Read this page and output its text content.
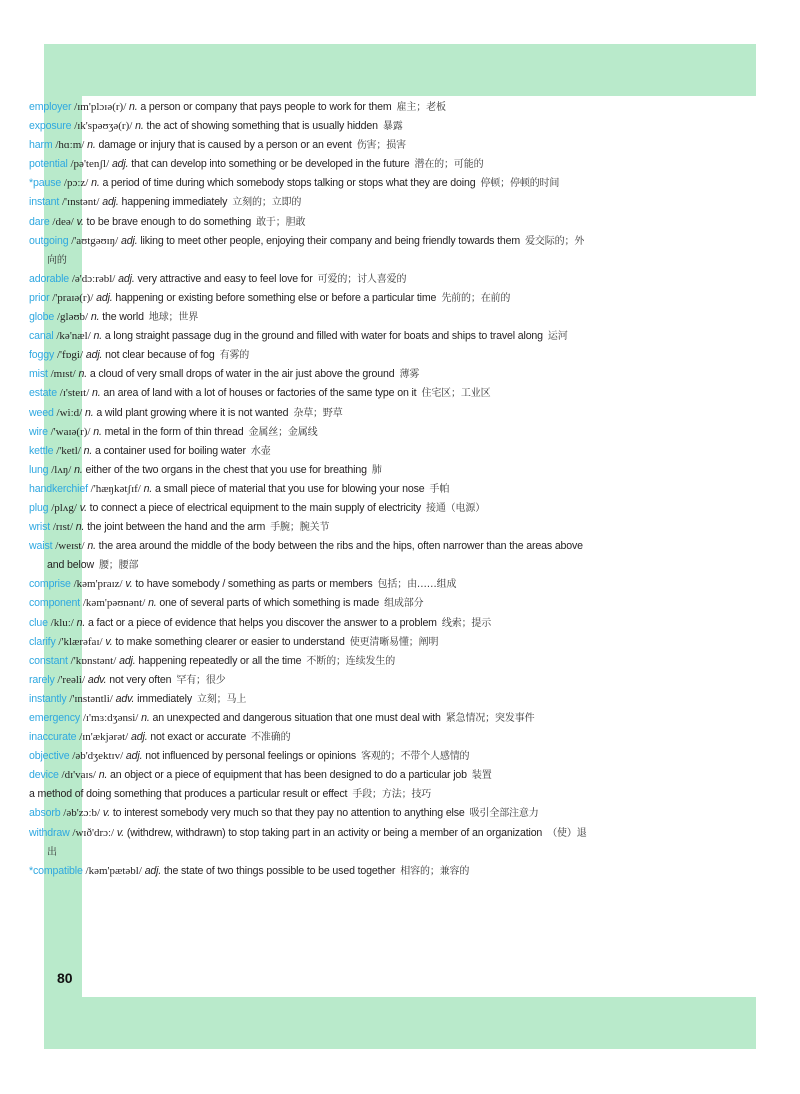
employer /ɪm'plɔɪə(r)/ n. a person or company that pays people to work for them 雇主；老板

exposure /ɪk'spəʊʒə(r)/ n. the act of showing something that is usually hidden 暴露

harm /hɑːm/ n. damage or injury that is caused by a person or an event 伤害；损害

potential /pə'tenʃl/ adj. that can develop into something or be developed in the future 潜在的；可能的

*pause /pɔːz/ n. a period of time during which somebody stops talking or stops what they are doing 停顿；停顿的时间

instant /'ɪnstənt/ adj. happening immediately 立刻的；立即的

dare /deə/ v. to be brave enough to do something 敢于；胆敢

outgoing /'aʊtgəʊɪŋ/ adj. liking to meet other people, enjoying their company and being friendly towards them 爱交际的；外向的

adorable /ə'dɔːrəbl/ adj. very attractive and easy to feel love for 可爱的；讨人喜爱的

prior /'praɪə(r)/ adj. happening or existing before something else or before a particular time 先前的；在前的

globe /gləʊb/ n. the world 地球；世界

canal /kə'næl/ n. a long straight passage dug in the ground and filled with water for boats and ships to travel along 运河

foggy /'fɒgi/ adj. not clear because of fog 有雾的

mist /mɪst/ n. a cloud of very small drops of water in the air just above the ground 薄雾

estate /ɪ'steɪt/ n. an area of land with a lot of houses or factories of the same type on it 住宅区；工业区

weed /wiːd/ n. a wild plant growing where it is not wanted 杂草；野草

wire /'waɪə(r)/ n. metal in the form of thin thread 金属丝；金属线

kettle /'ketl/ n. a container used for boiling water 水壶

lung /lʌŋ/ n. either of the two organs in the chest that you use for breathing 肺

handkerchief /'hæŋkətʃɪf/ n. a small piece of material that you use for blowing your nose 手帕

plug /plʌg/ v. to connect a piece of electrical equipment to the main supply of electricity 接通（电源）

wrist /rɪst/ n. the joint between the hand and the arm 手腕；腕关节

waist /weɪst/ n. the area around the middle of the body between the ribs and the hips, often narrower than the areas above and below 腰；腰部

comprise /kəm'praɪz/ v. to have somebody / something as parts or members 包括；由……组成

component /kəm'pəʊnənt/ n. one of several parts of which something is made 组成部分

clue /kluː/ n. a fact or a piece of evidence that helps you discover the answer to a problem 线索；提示

clarify /'klærəfaɪ/ v. to make something clearer or easier to understand 使更清晰易懂；阐明

constant /'kɒnstənt/ adj. happening repeatedly or all the time 不断的；连续发生的

rarely /'reəli/ adv. not very often 罕有；很少

instantly /'ɪnstəntli/ adv. immediately 立刻；马上

emergency /ɪ'mɜːdʒənsi/ n. an unexpected and dangerous situation that one must deal with 紧急情况；突发事件

inaccurate /ɪn'ækjərət/ adj. not exact or accurate 不准确的

objective /əb'dʒektɪv/ adj. not influenced by personal feelings or opinions 客观的；不带个人感情的

device /dɪ'vaɪs/ n. an object or a piece of equipment that has been designed to do a particular job 装置
a method of doing something that produces a particular result or effect 手段；方法；技巧

absorb /əb'zɔːb/ v. to interest somebody very much so that they pay no attention to anything else 吸引全部注意力

withdraw /wɪð'drɔː/ v. (withdrew, withdrawn) to stop taking part in an activity or being a member of an organization （使）退出

*compatible /kəm'pætəbl/ adj. the state of two things possible to be used together 相容的；兼容的

80
